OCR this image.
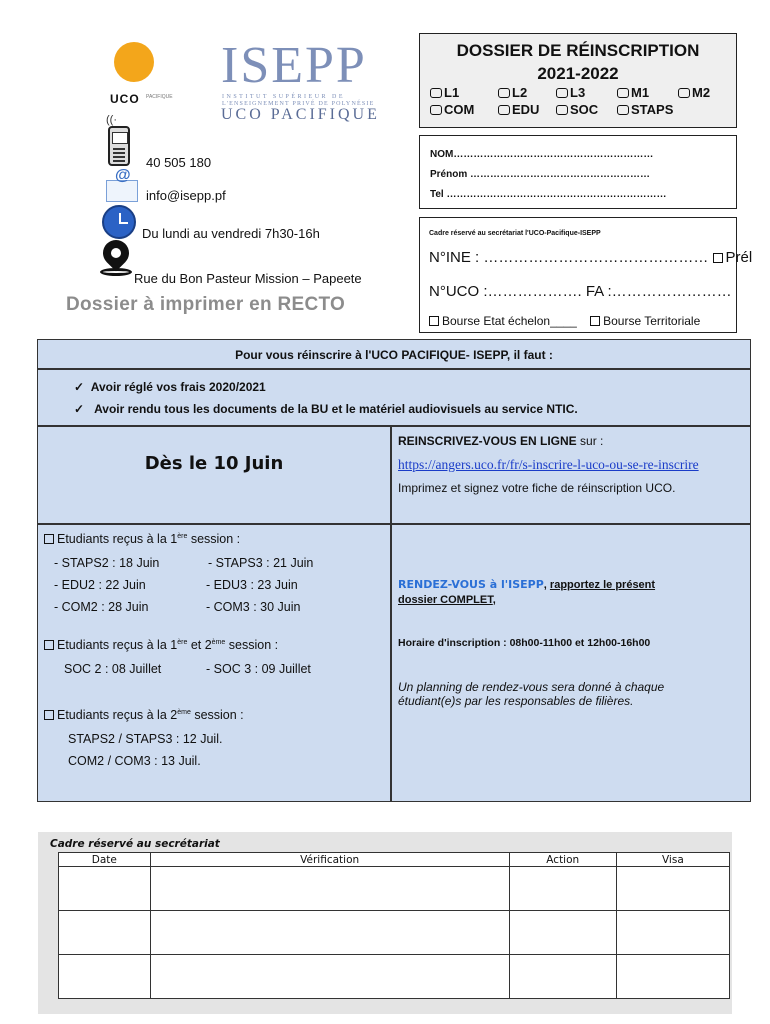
UCO PACIFIQUE
ISEPP
INSTITUT SUPÉRIEUR DE
L'ENSEIGNEMENT PRIVÉ DE POLYNÉSIE
UCO PACIFIQUE
((·
40 505 180
@
info@isepp.pf
Du lundi au vendredi 7h30-16h
Rue du Bon Pasteur Mission – Papeete
Dossier à imprimer en RECTO
DOSSIER DE RÉINSCRIPTION
2021-2022
L1	L2	L3	M1	M2
COM	EDU	SOC	STAPS
NOM……………………………………………………
Prénom ………………………………………………
Tel …………………………………………………………
Cadre réservé au secrétariat l'UCO-Pacifique-ISEPP
N°INE : ……………………………………… Prél
N°UCO :………………. FA :……………………
Bourse Etat échelon____ Bourse Territoriale
Pour vous réinscrire à l'UCO PACIFIQUE- ISEPP, il faut :
✓  Avoir réglé vos frais 2020/2021
✓   Avoir rendu tous les documents de la BU et le matériel audiovisuels au service NTIC.
Dès le 10 Juin
REINSCRIVEZ-VOUS EN LIGNE sur :
https://angers.uco.fr/fr/s-inscrire-l-uco-ou-se-re-inscrire
Imprimez et signez votre fiche de réinscription UCO.
Etudiants reçus à la 1ère session :
- STAPS2 : 18 Juin	- STAPS3 : 21 Juin
- EDU2 : 22 Juin	- EDU3 : 23 Juin
- COM2 : 28 Juin	- COM3 : 30 Juin
Etudiants reçus à la 1ère et 2ème session :
SOC 2 : 08 Juillet	- SOC 3 : 09 Juillet
Etudiants reçus à la 2ème session :
STAPS2 / STAPS3 : 12 Juil.
COM2 / COM3 : 13 Juil.
RENDEZ-VOUS à l'ISEPP, rapportez le présent
dossier COMPLET,
Horaire d'inscription : 08h00-11h00 et 12h00-16h00
Un planning de rendez-vous sera donné à chaque
étudiant(e)s par les responsables de filières.
Cadre réservé au secrétariat
Date	Vérification	Action	Visa
